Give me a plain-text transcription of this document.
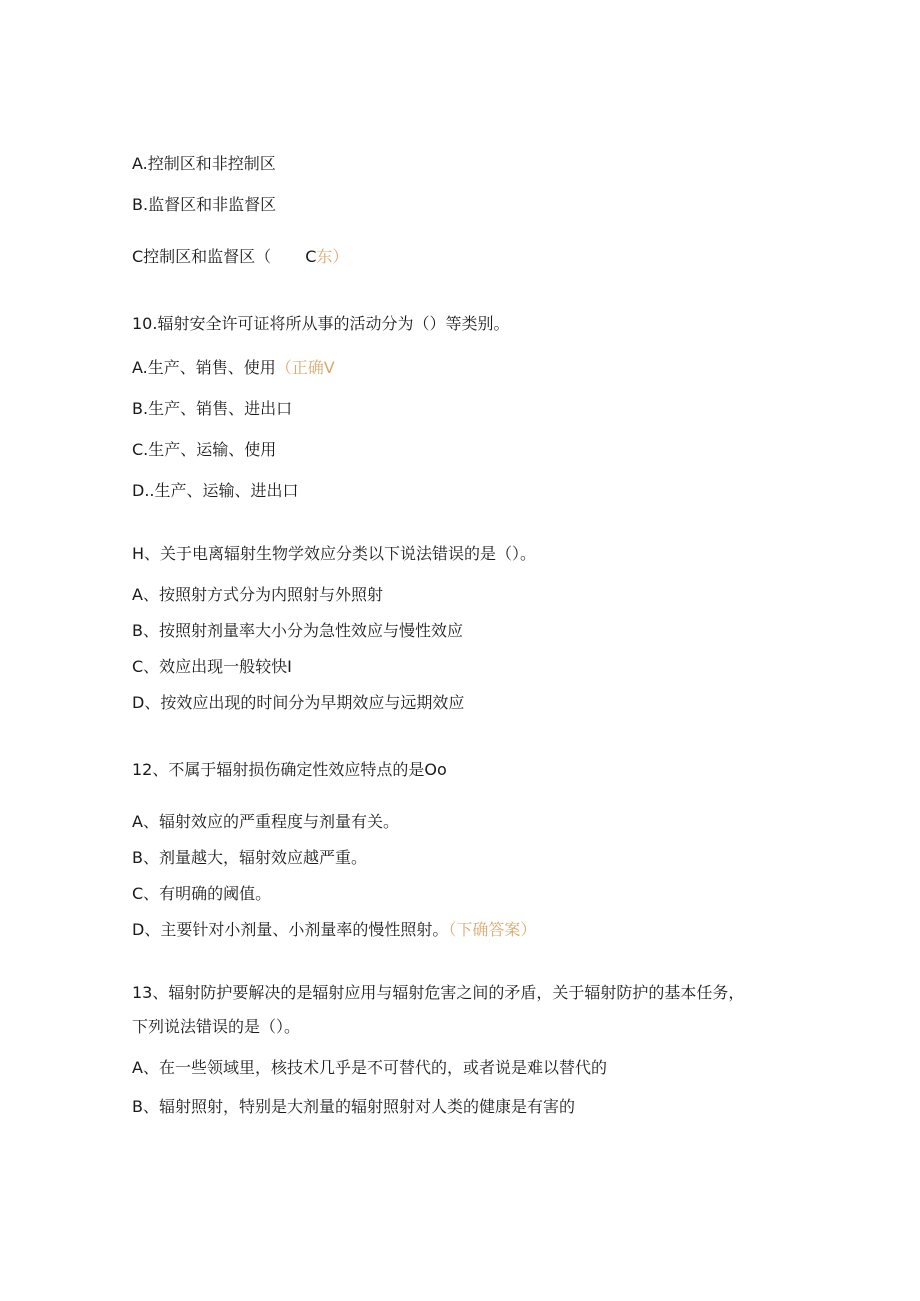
A.控制区和非控制区
B.监督区和非监督区
C控制区和监督区（ C东）
10.辐射安全许可证将所从事的活动分为（）等类别。
A.生产、销售、使用（正确V
B.生产、销售、进出口
C.生产、运输、使用
D..生产、运输、进出口
H、关于电离辐射生物学效应分类以下说法错误的是（）。
A、按照射方式分为内照射与外照射
B、按照射剂量率大小分为急性效应与慢性效应
C、效应出现一般较快I
D、按效应出现的时间分为早期效应与远期效应
12、不属于辐射损伤确定性效应特点的是Oo
A、辐射效应的严重程度与剂量有关。
B、剂量越大，辐射效应越严重。
C、有明确的阈值。
D、主要针对小剂量、小剂量率的慢性照射。（下确答案）
13、辐射防护要解决的是辐射应用与辐射危害之间的矛盾，关于辐射防护的基本任务，
下列说法错误的是（）。
A、在一些领域里，核技术几乎是不可替代的，或者说是难以替代的
B、辐射照射，特别是大剂量的辐射照射对人类的健康是有害的
